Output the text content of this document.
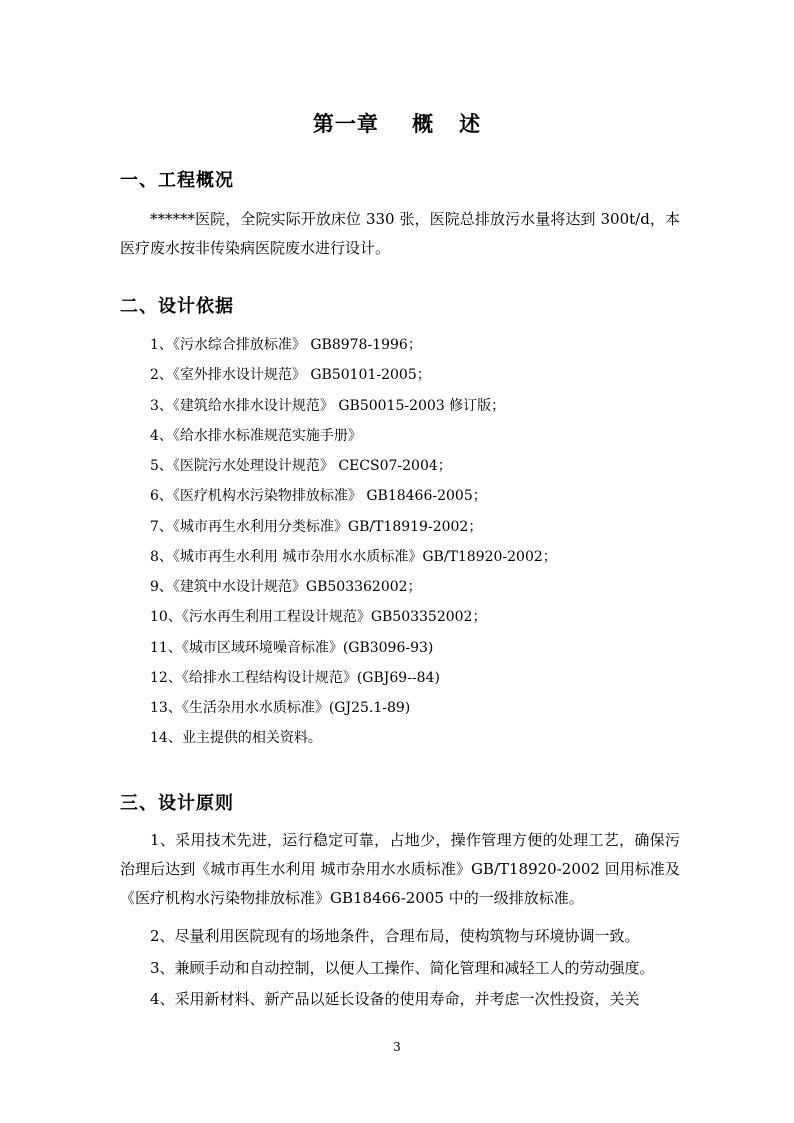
第一章    概   述
一、工程概况
******医院，全院实际开放床位 330 张，医院总排放污水量将达到 300t/d，本医疗废水按非传染病医院废水进行设计。
二、设计依据
1、《污水综合排放标准》 GB8978-1996；
2、《室外排水设计规范》 GB50101-2005；
3、《建筑给水排水设计规范》 GB50015-2003 修订版；
4、《给水排水标准规范实施手册》
5、《医院污水处理设计规范》 CECS07-2004；
6、《医疗机构水污染物排放标准》 GB18466-2005；
7、《城市再生水利用分类标准》GB/T18919-2002；
8、《城市再生水利用 城市杂用水水质标准》GB/T18920-2002；
9、《建筑中水设计规范》GB503362002；
10、《污水再生利用工程设计规范》GB503352002；
11、《城市区域环境噪音标准》(GB3096-93)
12、《给排水工程结构设计规范》(GBJ69--84)
13、《生活杂用水水质标准》(GJ25.1-89)
14、业主提供的相关资料。
三、设计原则
1、采用技术先进，运行稳定可靠，占地少，操作管理方便的处理工艺，确保污治理后达到《城市再生水利用 城市杂用水水质标准》GB/T18920-2002 回用标准及《医疗机构水污染物排放标准》GB18466-2005 中的一级排放标准。
2、尽量利用医院现有的场地条件，合理布局，使构筑物与环境协调一致。
3、兼顾手动和自动控制，以便人工操作、简化管理和减轻工人的劳动强度。
4、采用新材料、新产品以延长设备的使用寿命，并考虑一次性投资，关关
3
